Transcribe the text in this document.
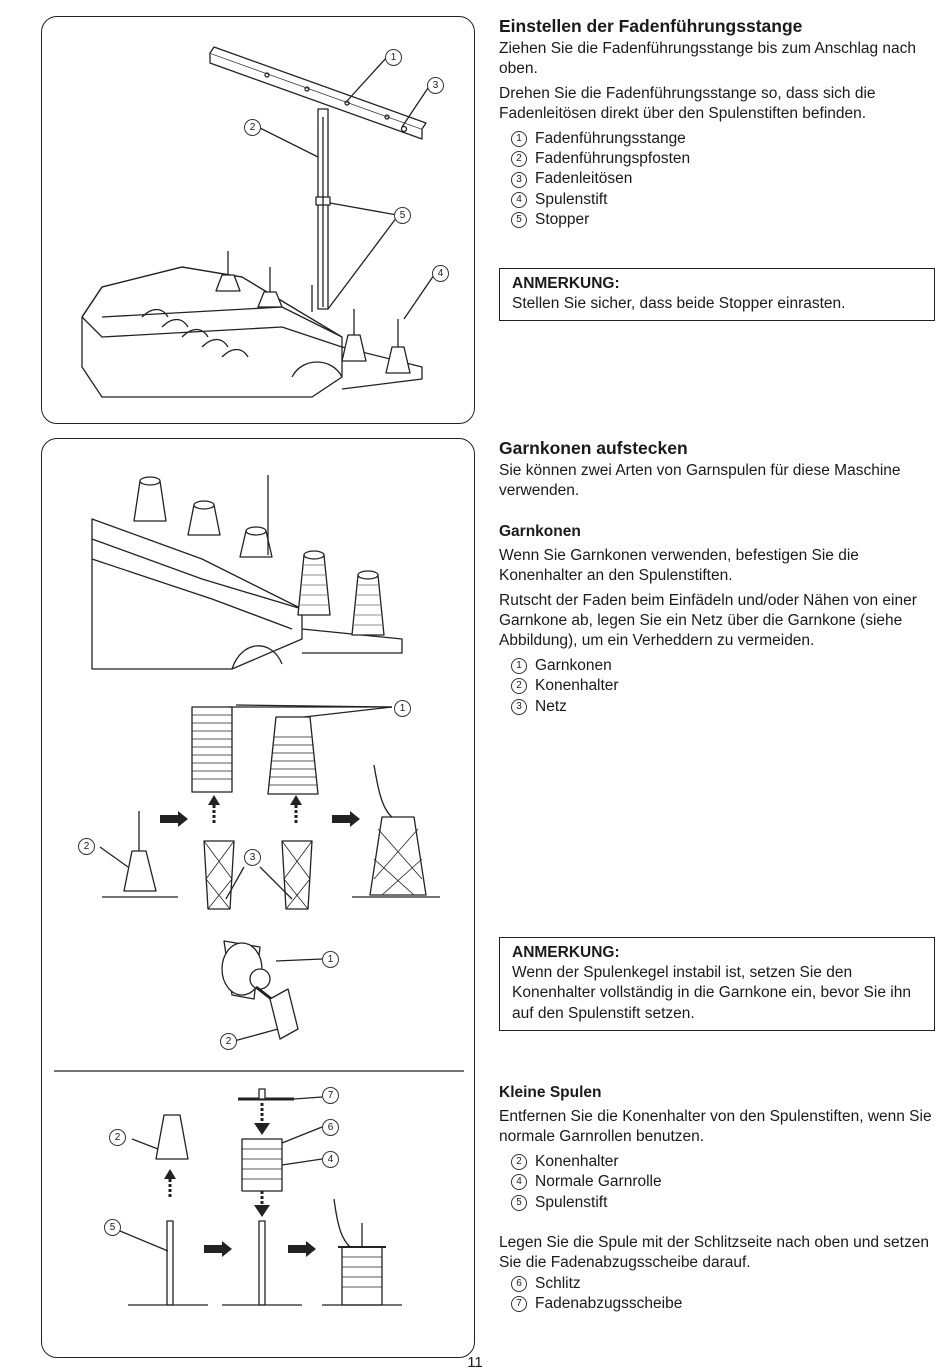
1
2
3
4
5
Einstellen der Fadenführungsstange

Ziehen Sie die Fadenführungsstange bis zum Anschlag nach oben.

Drehen Sie die Fadenführungsstange so, dass sich die Fadenleitösen direkt über den Spulenstiften befinden.

1 Fadenführungsstange
2 Fadenführungspfosten
3 Fadenleitösen
4 Spulenstift
5 Stopper
ANMERKUNG:

Stellen Sie sicher, dass beide Stopper einrasten.

1
2
3
1
2
7
6
4
2
5
Garnkonen aufstecken

Sie können zwei Arten von Garnspulen für diese Maschine verwenden.

Garnkonen

Wenn Sie Garnkonen verwenden, befestigen Sie die Konenhalter an den Spulenstiften.

Rutscht der Faden beim Einfädeln und/oder Nähen von einer Garnkone ab, legen Sie ein Netz über die Garnkone (siehe Abbildung), um ein Verheddern zu vermeiden.

1 Garnkonen
2 Konenhalter
3 Netz
ANMERKUNG:

Wenn der Spulenkegel instabil ist, setzen Sie den Konenhalter vollständig in die Garnkone ein, bevor Sie ihn auf den Spulenstift setzen.

Kleine Spulen

Entfernen Sie die Konenhalter von den Spulenstiften, wenn Sie normale Garnrollen benutzen.

2 Konenhalter
4 Normale Garnrolle
5 Spulenstift

Legen Sie die Spule mit der Schlitzseite nach oben und setzen Sie die Fadenabzugsscheibe darauf.

6 Schlitz
7 Fadenabzugsscheibe
11
